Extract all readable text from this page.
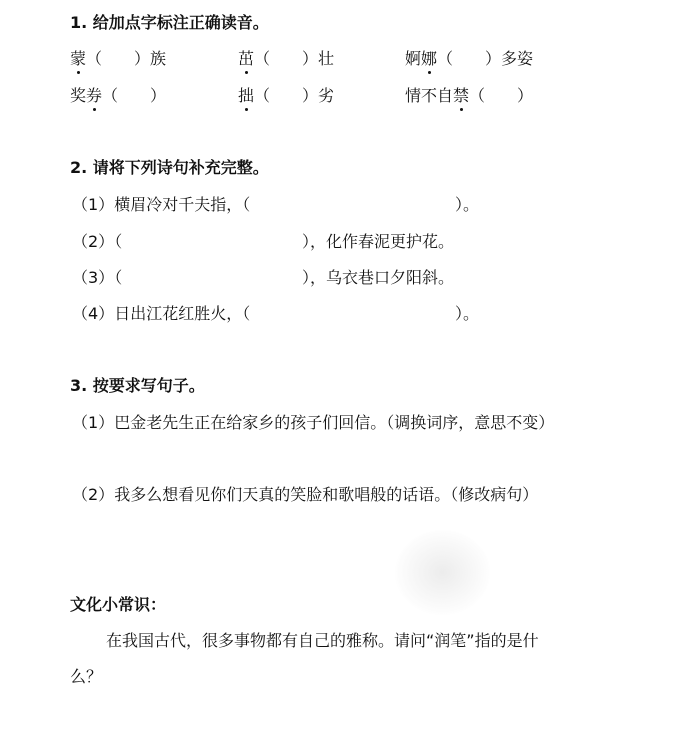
1. 给加点字标注正确读音。
蒙（　　）族	茁（　　）壮	婀娜（　　）多姿
奖券（　　）	拙（　　）劣	情不自禁（　　）
2. 请将下列诗句补充完整。
（1）横眉冷对千夫指，（	）。
（2）（	），化作春泥更护花。
（3）（	），乌衣巷口夕阳斜。
（4）日出江花红胜火，（	）。
3. 按要求写句子。
（1）巴金老先生正在给家乡的孩子们回信。（调换词序，意思不变）
（2）我多么想看见你们天真的笑脸和歌唱般的话语。（修改病句）
文化小常识：
在我国古代，很多事物都有自己的雅称。请问“润笔”指的是什
么？
